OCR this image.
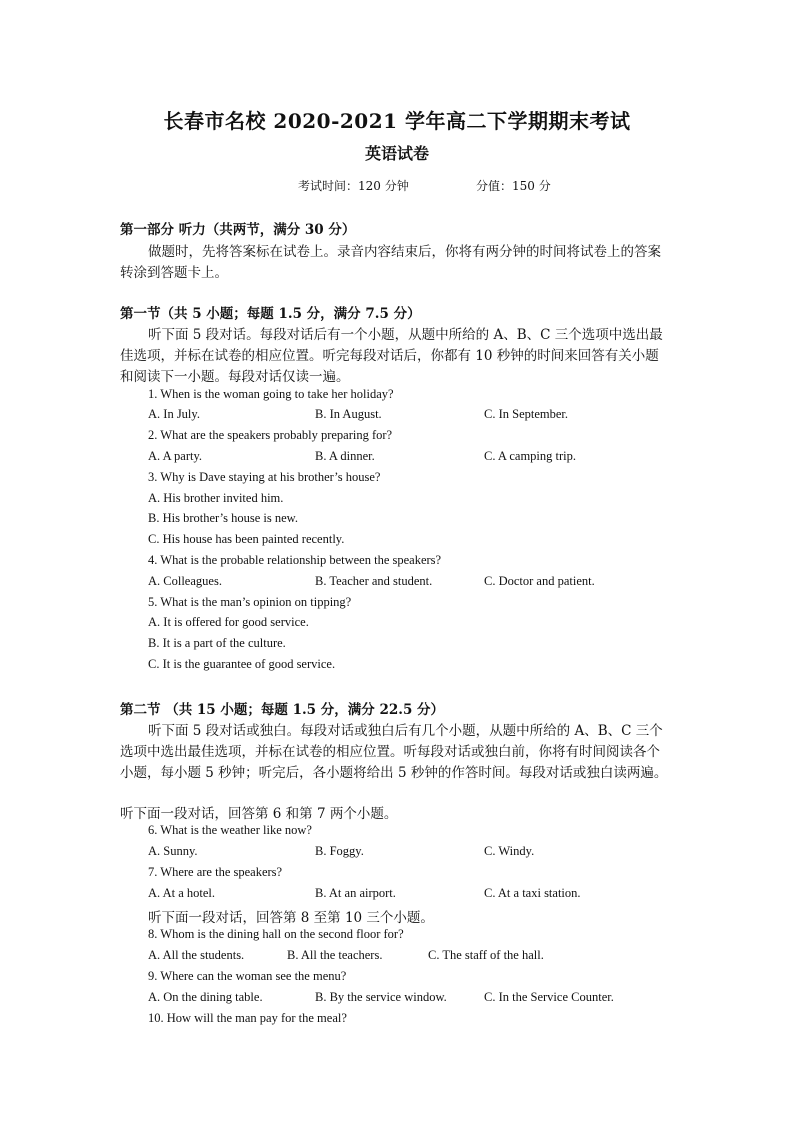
长春市名校 2020-2021 学年高二下学期期末考试
英语试卷
考试时间：120 分钟	分值：150 分
第一部分 听力（共两节，满分 30 分）
做题时，先将答案标在试卷上。录音内容结束后，你将有两分钟的时间将试卷上的答案
转涂到答题卡上。
第一节（共 5 小题；每题 1.5 分，满分 7.5 分）
听下面 5 段对话。每段对话后有一个小题，从题中所给的 A、B、C 三个选项中选出最
佳选项，并标在试卷的相应位置。听完每段对话后，你都有 10 秒钟的时间来回答有关小题
和阅读下一小题。每段对话仅读一遍。
1. When is the woman going to take her holiday?
A. In July.	B. In August.	C. In September.
2. What are the speakers probably preparing for?
A. A party.	B. A dinner.	C. A camping trip.
3. Why is Dave staying at his brother’s house?
A. His brother invited him.
B. His brother’s house is new.
C. His house has been painted recently.
4. What is the probable relationship between the speakers?
A. Colleagues.	B. Teacher and student.	C. Doctor and patient.
5. What is the man’s opinion on tipping?
A. It is offered for good service.
B. It is a part of the culture.
C. It is the guarantee of good service.
第二节 （共 15 小题；每题 1.5 分，满分 22.5 分）
听下面 5 段对话或独白。每段对话或独白后有几个小题，从题中所给的 A、B、C 三个
选项中选出最佳选项，并标在试卷的相应位置。听每段对话或独白前，你将有时间阅读各个
小题，每小题 5 秒钟；听完后，各小题将给出 5 秒钟的作答时间。每段对话或独白读两遍。
听下面一段对话，回答第 6 和第 7 两个小题。
6. What is the weather like now?
A. Sunny.	B. Foggy.	C. Windy.
7. Where are the speakers?
A. At a hotel.	B. At an airport.	C. At a taxi station.
听下面一段对话，回答第 8 至第 10 三个小题。
8. Whom is the dining hall on the second floor for?
A. All the students.	B. All the teachers.	C. The staff of the hall.
9. Where can the woman see the menu?
A. On the dining table.	B. By the service window.	C. In the Service Counter.
10. How will the man pay for the meal?
